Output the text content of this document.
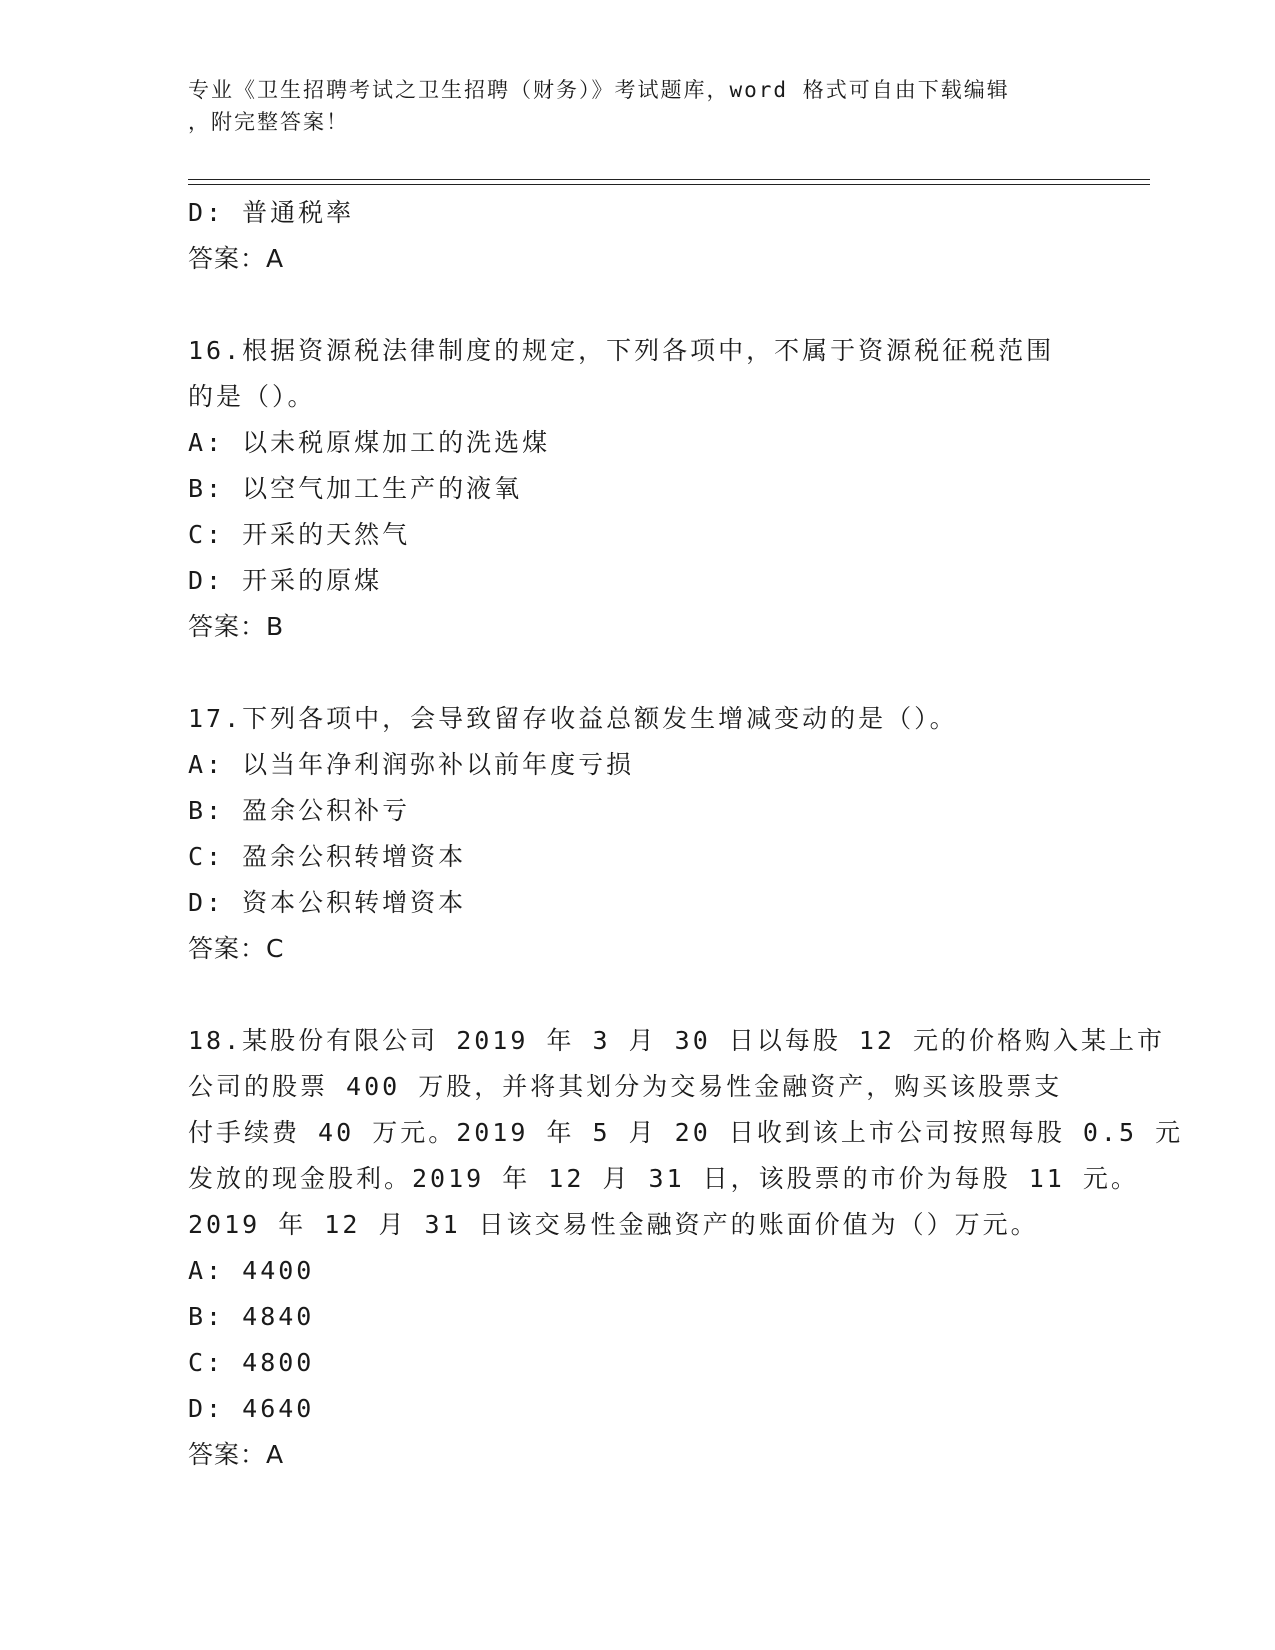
专业《卫生招聘考试之卫生招聘（财务）》考试题库，word 格式可自由下载编辑
，附完整答案！
D: 普通税率
答案：A
16.根据资源税法律制度的规定，下列各项中，不属于资源税征税范围
的是（）。
A: 以未税原煤加工的洗选煤
B: 以空气加工生产的液氧
C: 开采的天然气
D: 开采的原煤
答案：B
17.下列各项中，会导致留存收益总额发生增减变动的是（）。
A: 以当年净利润弥补以前年度亏损
B: 盈余公积补亏
C: 盈余公积转增资本
D: 资本公积转增资本
答案：C
18.某股份有限公司 2019 年 3 月 30 日以每股 12 元的价格购入某上市
公司的股票 400 万股，并将其划分为交易性金融资产，购买该股票支
付手续费 40 万元。2019 年 5 月 20 日收到该上市公司按照每股 0.5 元
发放的现金股利。2019 年 12 月 31 日，该股票的市价为每股 11 元。
2019 年 12 月 31 日该交易性金融资产的账面价值为（）万元。
A: 4400
B: 4840
C: 4800
D: 4640
答案：A
